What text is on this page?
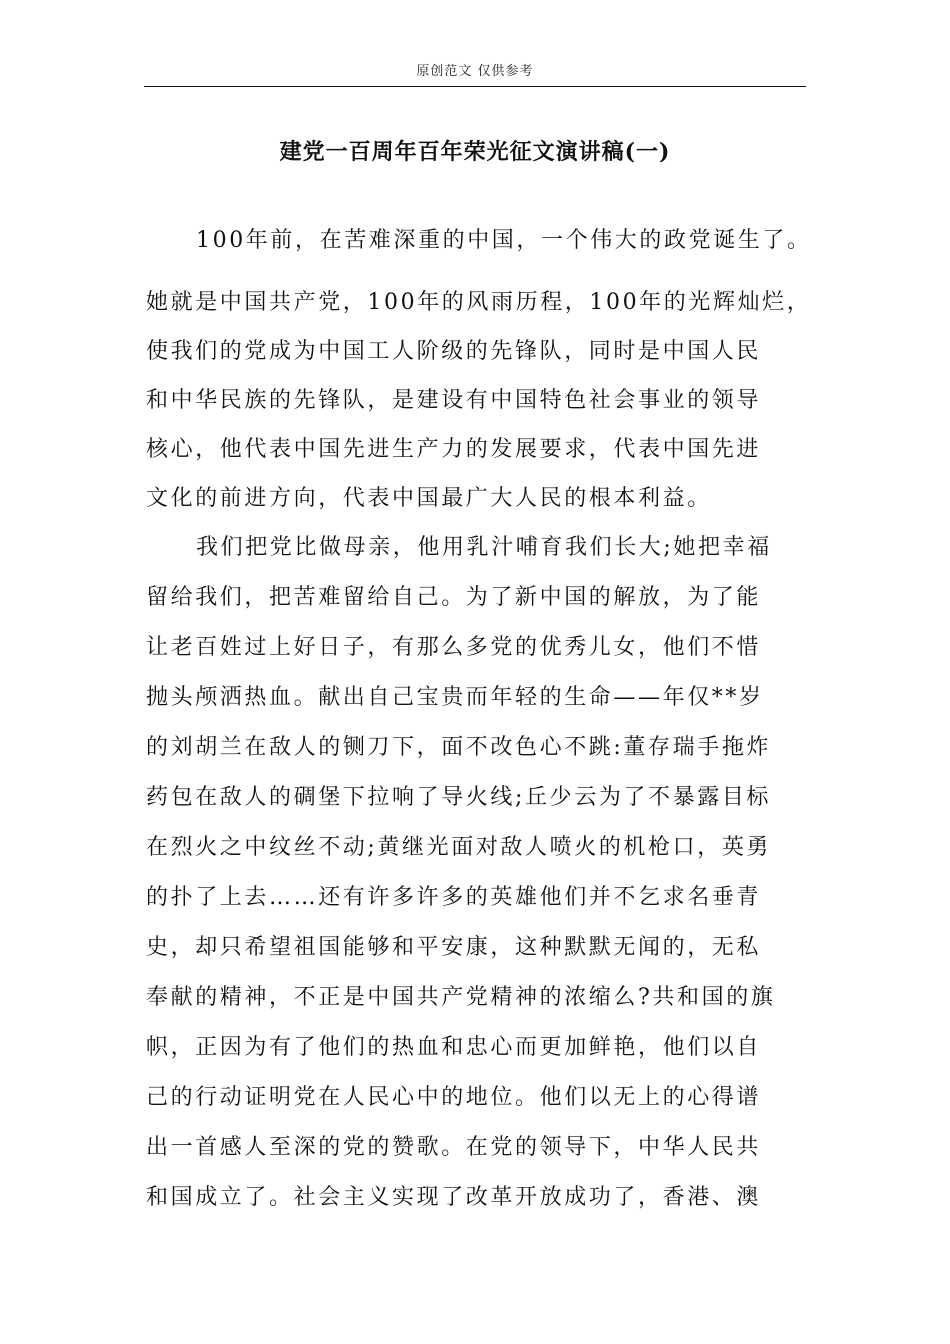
原创范文 仅供参考
建党一百周年百年荣光征文演讲稿(一)
100年前，在苦难深重的中国，一个伟大的政党诞生了。
她就是中国共产党，100年的风雨历程，100年的光辉灿烂，
使我们的党成为中国工人阶级的先锋队，同时是中国人民
和中华民族的先锋队，是建设有中国特色社会事业的领导
核心，他代表中国先进生产力的发展要求，代表中国先进
文化的前进方向，代表中国最广大人民的根本利益。
我们把党比做母亲，他用乳汁哺育我们长大;她把幸福
留给我们，把苦难留给自己。为了新中国的解放，为了能
让老百姓过上好日子，有那么多党的优秀儿女，他们不惜
抛头颅洒热血。献出自己宝贵而年轻的生命——年仅**岁
的刘胡兰在敌人的铡刀下，面不改色心不跳:董存瑞手拖炸
药包在敌人的碉堡下拉响了导火线;丘少云为了不暴露目标
在烈火之中纹丝不动;黄继光面对敌人喷火的机枪口，英勇
的扑了上去……还有许多许多的英雄他们并不乞求名垂青
史，却只希望祖国能够和平安康，这种默默无闻的，无私
奉献的精神，不正是中国共产党精神的浓缩么?共和国的旗
帜，正因为有了他们的热血和忠心而更加鲜艳，他们以自
己的行动证明党在人民心中的地位。他们以无上的心得谱
出一首感人至深的党的赞歌。在党的领导下，中华人民共
和国成立了。社会主义实现了改革开放成功了，香港、澳
